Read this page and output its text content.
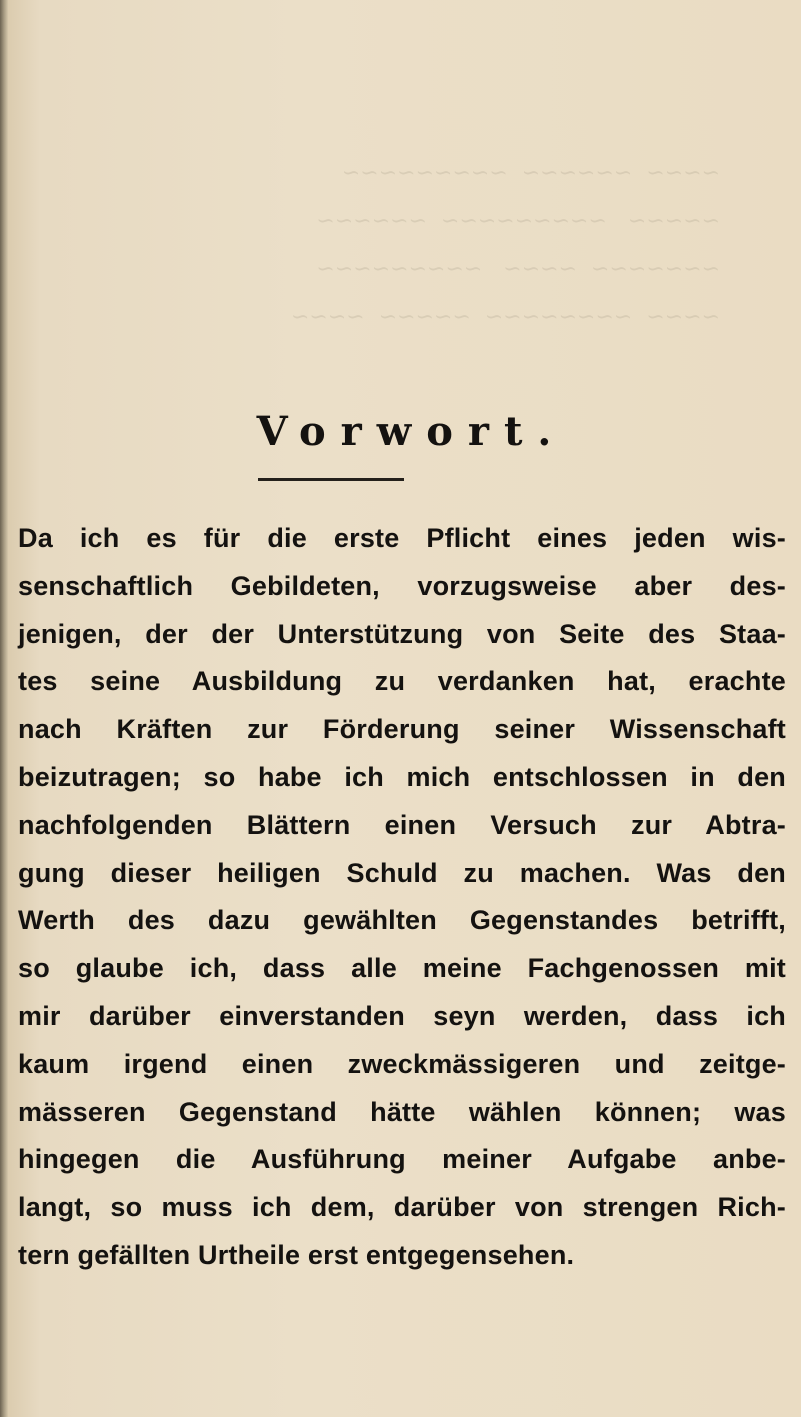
~~~~  ~~~~~~  ~~~~~~~~~
~~~~~   ~~~~~~~~~  ~~~~~~
~~~~~~~  ~~~~   ~~~~~~~~~
~~~~  ~~~~~~~~  ~~~~~  ~~~~
Vorwort.
Da ich es für die erste Pflicht eines jeden wis-
senschaftlich Gebildeten, vorzugsweise aber des-
jenigen, der der Unterstützung von Seite des Staa-
tes seine Ausbildung zu verdanken hat, erachte
nach Kräften zur Förderung seiner Wissenschaft
beizutragen; so habe ich mich entschlossen in den
nachfolgenden Blättern einen Versuch zur Abtra-
gung dieser heiligen Schuld zu machen. Was den
Werth des dazu gewählten Gegenstandes betrifft,
so glaube ich, dass alle meine Fachgenossen mit
mir darüber einverstanden seyn werden, dass ich
kaum irgend einen zweckmässigeren und zeitge-
mässeren Gegenstand hätte wählen können; was
hingegen die Ausführung meiner Aufgabe anbe-
langt, so muss ich dem, darüber von strengen Rich-
tern gefällten Urtheile erst entgegensehen.
